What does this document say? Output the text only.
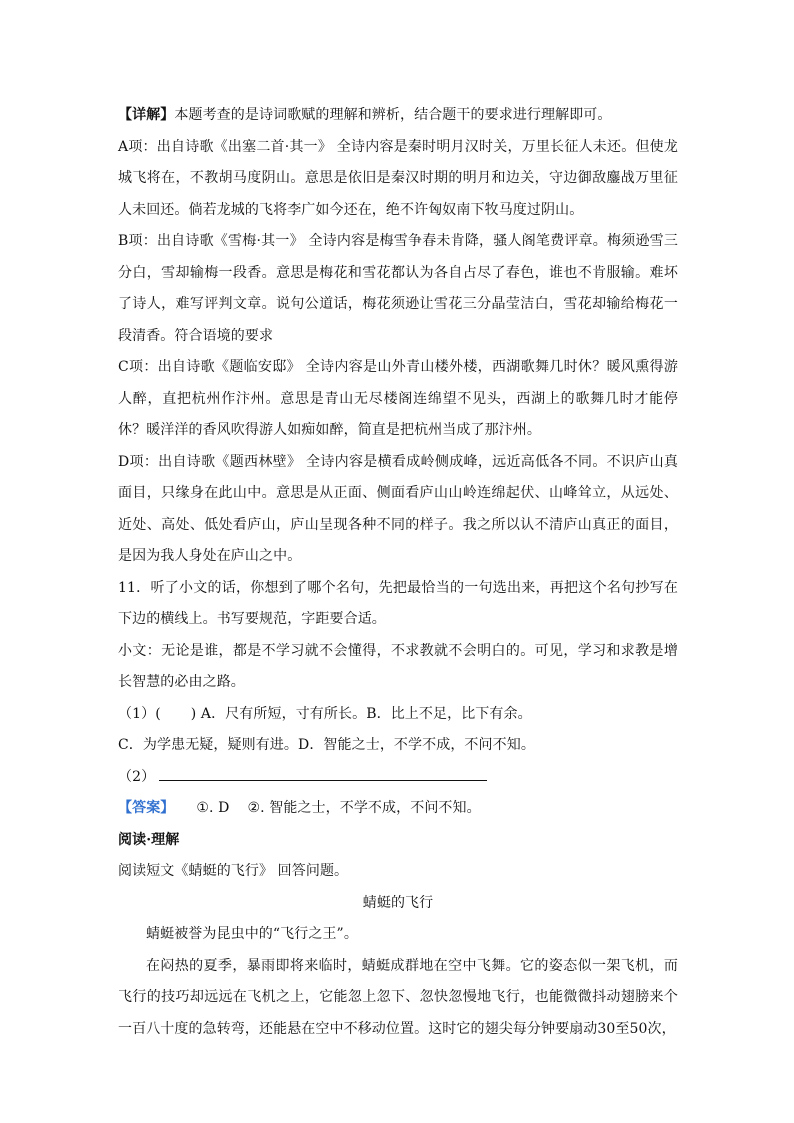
【详解】本题考查的是诗词歌赋的理解和辨析，结合题干的要求进行理解即可。

A项：出自诗歌《出塞二首·其一》 全诗内容是秦时明月汉时关，万里长征人未还。但使龙城飞将在，不教胡马度阴山。意思是依旧是秦汉时期的明月和边关，守边御敌鏖战万里征人未回还。倘若龙城的飞将李广如今还在，绝不许匈奴南下牧马度过阴山。

B项：出自诗歌《雪梅·其一》 全诗内容是梅雪争春未肯降，骚人阁笔费评章。梅须逊雪三分白，雪却输梅一段香。意思是梅花和雪花都认为各自占尽了春色，谁也不肯服输。难坏了诗人，难写评判文章。说句公道话，梅花须逊让雪花三分晶莹洁白，雪花却输给梅花一段清香。符合语境的要求

C项：出自诗歌《题临安邸》 全诗内容是山外青山楼外楼，西湖歌舞几时休？暖风熏得游人醉，直把杭州作汴州。意思是青山无尽楼阁连绵望不见头，西湖上的歌舞几时才能停休？暖洋洋的香风吹得游人如痴如醉，简直是把杭州当成了那汴州。

D项：出自诗歌《题西林壁》 全诗内容是横看成岭侧成峰，远近高低各不同。不识庐山真面目，只缘身在此山中。意思是从正面、侧面看庐山山岭连绵起伏、山峰耸立，从远处、近处、高处、低处看庐山，庐山呈现各种不同的样子。我之所以认不清庐山真正的面目，是因为我人身处在庐山之中。

11．听了小文的话，你想到了哪个名句，先把最恰当的一句选出来，再把这个名句抄写在下边的横线上。书写要规范，字距要合适。

小文：无论是谁，都是不学习就不会懂得，不求教就不会明白的。可见，学习和求教是增长智慧的必由之路。

（1）( ) A．尺有所短，寸有所长。B．比上不足，比下有余。

C．为学患无疑，疑则有进。D．智能之士，不学不成，不问不知。

（2）

【答案】 ①. D ②. 智能之士，不学不成，不问不知。

阅读·理解

阅读短文《蜻蜓的飞行》 回答问题。

蜻蜓的飞行

蜻蜓被誉为昆虫中的“飞行之王”。

在闷热的夏季，暴雨即将来临时，蜻蜓成群地在空中飞舞。它的姿态似一架飞机，而飞行的技巧却远远在飞机之上，它能忽上忽下、忽快忽慢地飞行，也能微微抖动翅膀来个一百八十度的急转弯，还能悬在空中不移动位置。这时它的翅尖每分钟要扇动30至50次，
